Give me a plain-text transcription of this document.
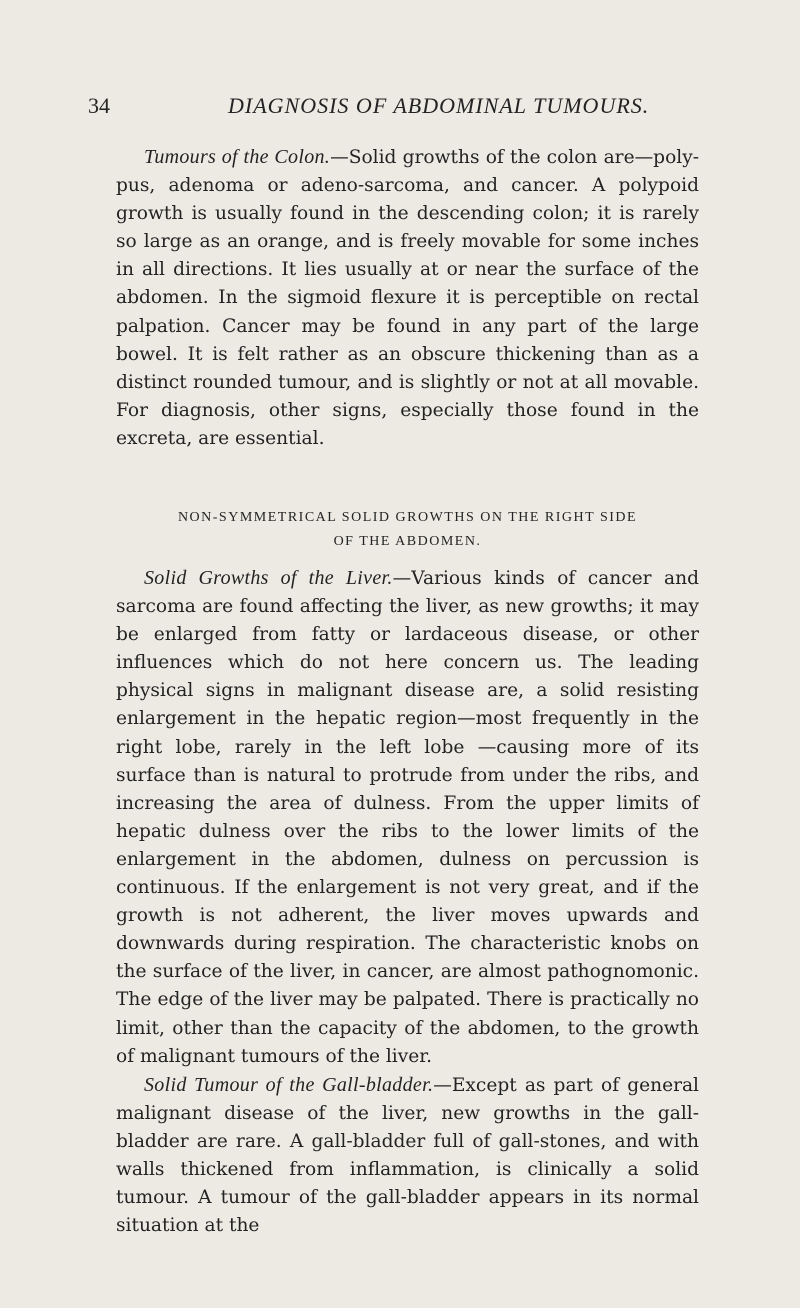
34	DIAGNOSIS OF ABDOMINAL TUMOURS.

Tumours of the Colon.—Solid growths of the colon are—poly-pus, adenoma or adeno-sarcoma, and cancer. A polypoid growth is usually found in the descending colon; it is rarely so large as an orange, and is freely movable for some inches in all directions. It lies usually at or near the surface of the abdomen. In the sigmoid flexure it is perceptible on rectal palpation. Cancer may be found in any part of the large bowel. It is felt rather as an obscure thickening than as a distinct rounded tumour, and is slightly or not at all movable. For diagnosis, other signs, especially those found in the excreta, are essential.

NON-SYMMETRICAL SOLID GROWTHS ON THE RIGHT SIDE
OF THE ABDOMEN.

Solid Growths of the Liver.—Various kinds of cancer and sarcoma are found affecting the liver, as new growths; it may be enlarged from fatty or lardaceous disease, or other influences which do not here concern us. The leading physical signs in malignant disease are, a solid resisting enlargement in the hepatic region—most frequently in the right lobe, rarely in the left lobe —causing more of its surface than is natural to protrude from under the ribs, and increasing the area of dulness. From the upper limits of hepatic dulness over the ribs to the lower limits of the enlargement in the abdomen, dulness on percussion is continuous. If the enlargement is not very great, and if the growth is not adherent, the liver moves upwards and downwards during respiration. The characteristic knobs on the surface of the liver, in cancer, are almost pathognomonic. The edge of the liver may be palpated. There is practically no limit, other than the capacity of the abdomen, to the growth of malignant tumours of the liver.

Solid Tumour of the Gall-bladder.—Except as part of general malignant disease of the liver, new growths in the gall-bladder are rare. A gall-bladder full of gall-stones, and with walls thickened from inflammation, is clinically a solid tumour. A tumour of the gall-bladder appears in its normal situation at the
